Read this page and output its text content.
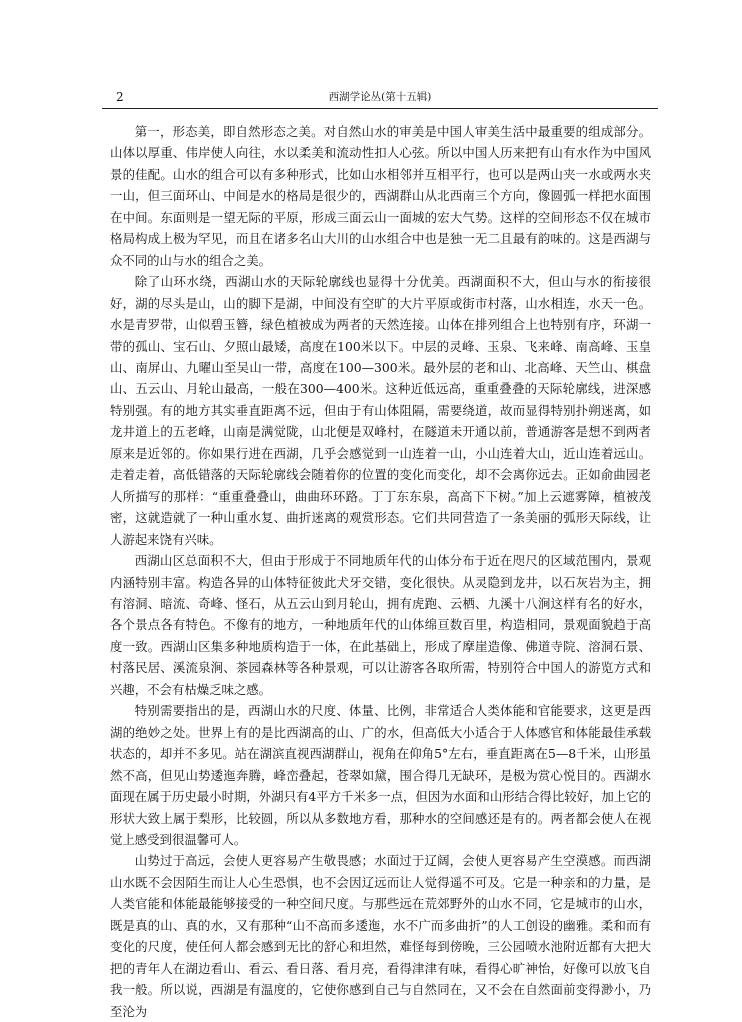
2	西湖学论丛(第十五辑)

第一，形态美，即自然形态之美。对自然山水的审美是中国人审美生活中最重要的组成部分。山体以厚重、伟岸使人向往，水以柔美和流动性扣人心弦。所以中国人历来把有山有水作为中国风景的佳配。山水的组合可以有多种形式，比如山水相邻并互相平行，也可以是两山夹一水或两水夹一山，但三面环山、中间是水的格局是很少的，西湖群山从北西南三个方向，像圆弧一样把水面围在中间。东面则是一望无际的平原，形成三面云山一面城的宏大气势。这样的空间形态不仅在城市格局构成上极为罕见，而且在诸多名山大川的山水组合中也是独一无二且最有韵味的。这是西湖与众不同的山与水的组合之美。

除了山环水绕，西湖山水的天际轮廓线也显得十分优美。西湖面积不大，但山与水的衔接很好，湖的尽头是山，山的脚下是湖，中间没有空旷的大片平原或街市村落，山水相连，水天一色。水是青罗带，山似碧玉簪，绿色植被成为两者的天然连接。山体在排列组合上也特别有序，环湖一带的孤山、宝石山、夕照山最矮，高度在100米以下。中层的灵峰、玉泉、飞来峰、南高峰、玉皇山、南屏山、九曜山至吴山一带，高度在100—300米。最外层的老和山、北高峰、天竺山、棋盘山、五云山、月轮山最高，一般在300—400米。这种近低远高，重重叠叠的天际轮廓线，进深感特别强。有的地方其实垂直距离不远，但由于有山体阻隔，需要绕道，故而显得特别扑朔迷离，如龙井道上的五老峰，山南是满觉陇，山北便是双峰村，在隧道未开通以前，普通游客是想不到两者原来是近邻的。你如果行进在西湖，几乎会感觉到一山连着一山，小山连着大山，近山连着远山。走着走着，高低错落的天际轮廓线会随着你的位置的变化而变化，却不会离你远去。正如俞曲园老人所描写的那样：“重重叠叠山，曲曲环环路。丁丁东东泉，高高下下树。”加上云遮雾障，植被茂密，这就造就了一种山重水复、曲折迷离的观赏形态。它们共同营造了一条美丽的弧形天际线，让人游起来饶有兴味。

西湖山区总面积不大，但由于形成于不同地质年代的山体分布于近在咫尺的区域范围内，景观内涵特别丰富。构造各异的山体特征彼此犬牙交错，变化很快。从灵隐到龙井，以石灰岩为主，拥有溶洞、暗流、奇峰、怪石，从五云山到月轮山，拥有虎跑、云栖、九溪十八涧这样有名的好水，各个景点各有特色。不像有的地方，一种地质年代的山体绵亘数百里，构造相同，景观面貌趋于高度一致。西湖山区集多种地质构造于一体，在此基础上，形成了摩崖造像、佛道寺院、溶洞石景、村落民居、溪流泉涧、茶园森林等各种景观，可以让游客各取所需，特别符合中国人的游览方式和兴趣，不会有枯燥乏味之感。

特别需要指出的是，西湖山水的尺度、体量、比例，非常适合人类体能和官能要求，这更是西湖的绝妙之处。世界上有的是比西湖高的山、广的水，但高低大小适合于人体感官和体能最佳承载状态的，却并不多见。站在湖滨直视西湖群山，视角在仰角5°左右，垂直距离在5—8千米，山形虽然不高，但见山势逶迤奔腾，峰峦叠起，苍翠如黛，围合得几无缺环，是极为赏心悦目的。西湖水面现在属于历史最小时期，外湖只有4平方千米多一点，但因为水面和山形结合得比较好，加上它的形状大致上属于梨形，比较圆，所以从多数地方看，那种水的空间感还是有的。两者都会使人在视觉上感受到很温馨可人。

山势过于高远，会使人更容易产生敬畏感；水面过于辽阔，会使人更容易产生空漠感。而西湖山水既不会因陌生而让人心生恐惧，也不会因辽远而让人觉得遥不可及。它是一种亲和的力量，是人类官能和体能最能够接受的一种空间尺度。与那些远在荒郊野外的山水不同，它是城市的山水，既是真的山、真的水，又有那种“山不高而多逶迤，水不广而多曲折”的人工创设的幽雅。柔和而有变化的尺度，使任何人都会感到无比的舒心和坦然，难怪每到傍晚，三公园喷水池附近都有大把大把的青年人在湖边看山、看云、看日落、看月亮，看得津津有味，看得心旷神怡，好像可以放飞自我一般。所以说，西湖是有温度的，它使你感到自己与自然同在，又不会在自然面前变得渺小，乃至沦为
